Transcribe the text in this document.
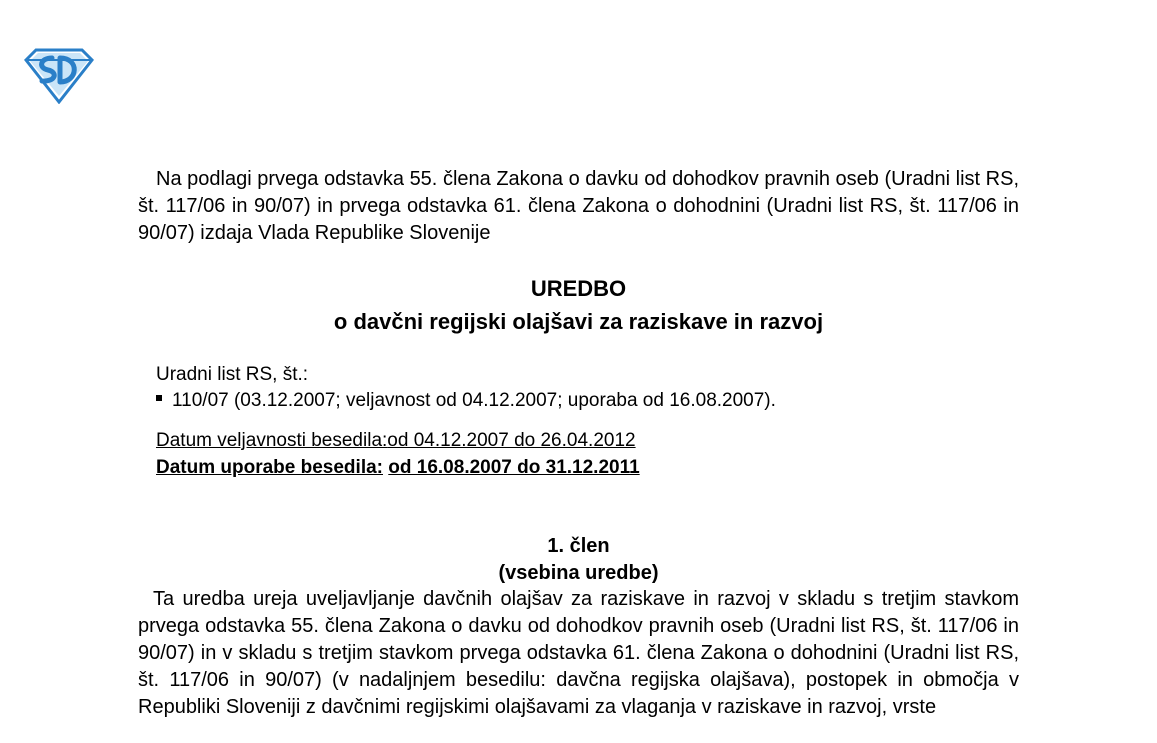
Na podlagi prvega odstavka 55. člena Zakona o davku od dohodkov pravnih oseb (Uradni list RS, št. 117/06 in 90/07) in prvega odstavka 61. člena Zakona o dohodnini (Uradni list RS, št. 117/06 in 90/07) izdaja Vlada Republike Slovenije

UREDBO
o davčni regijski olajšavi za raziskave in razvoj
Uradni list RS, št.:
110/07 (03.12.2007; veljavnost od 04.12.2007; uporaba od 16.08.2007).
Datum veljavnosti besedila:od 04.12.2007 do 26.04.2012
Datum uporabe besedila: od 16.08.2007 do 31.12.2011
1. člen
(vsebina uredbe)

Ta uredba ureja uveljavljanje davčnih olajšav za raziskave in razvoj v skladu s tretjim stavkom prvega odstavka 55. člena Zakona o davku od dohodkov pravnih oseb (Uradni list RS, št. 117/06 in 90/07) in v skladu s tretjim stavkom prvega odstavka 61. člena Zakona o dohodnini (Uradni list RS, št. 117/06 in 90/07) (v nadaljnjem besedilu: davčna regijska olajšava), postopek in območja v Republiki Sloveniji z davčnimi regijskimi olajšavami za vlaganja v raziskave in razvoj, vrste
